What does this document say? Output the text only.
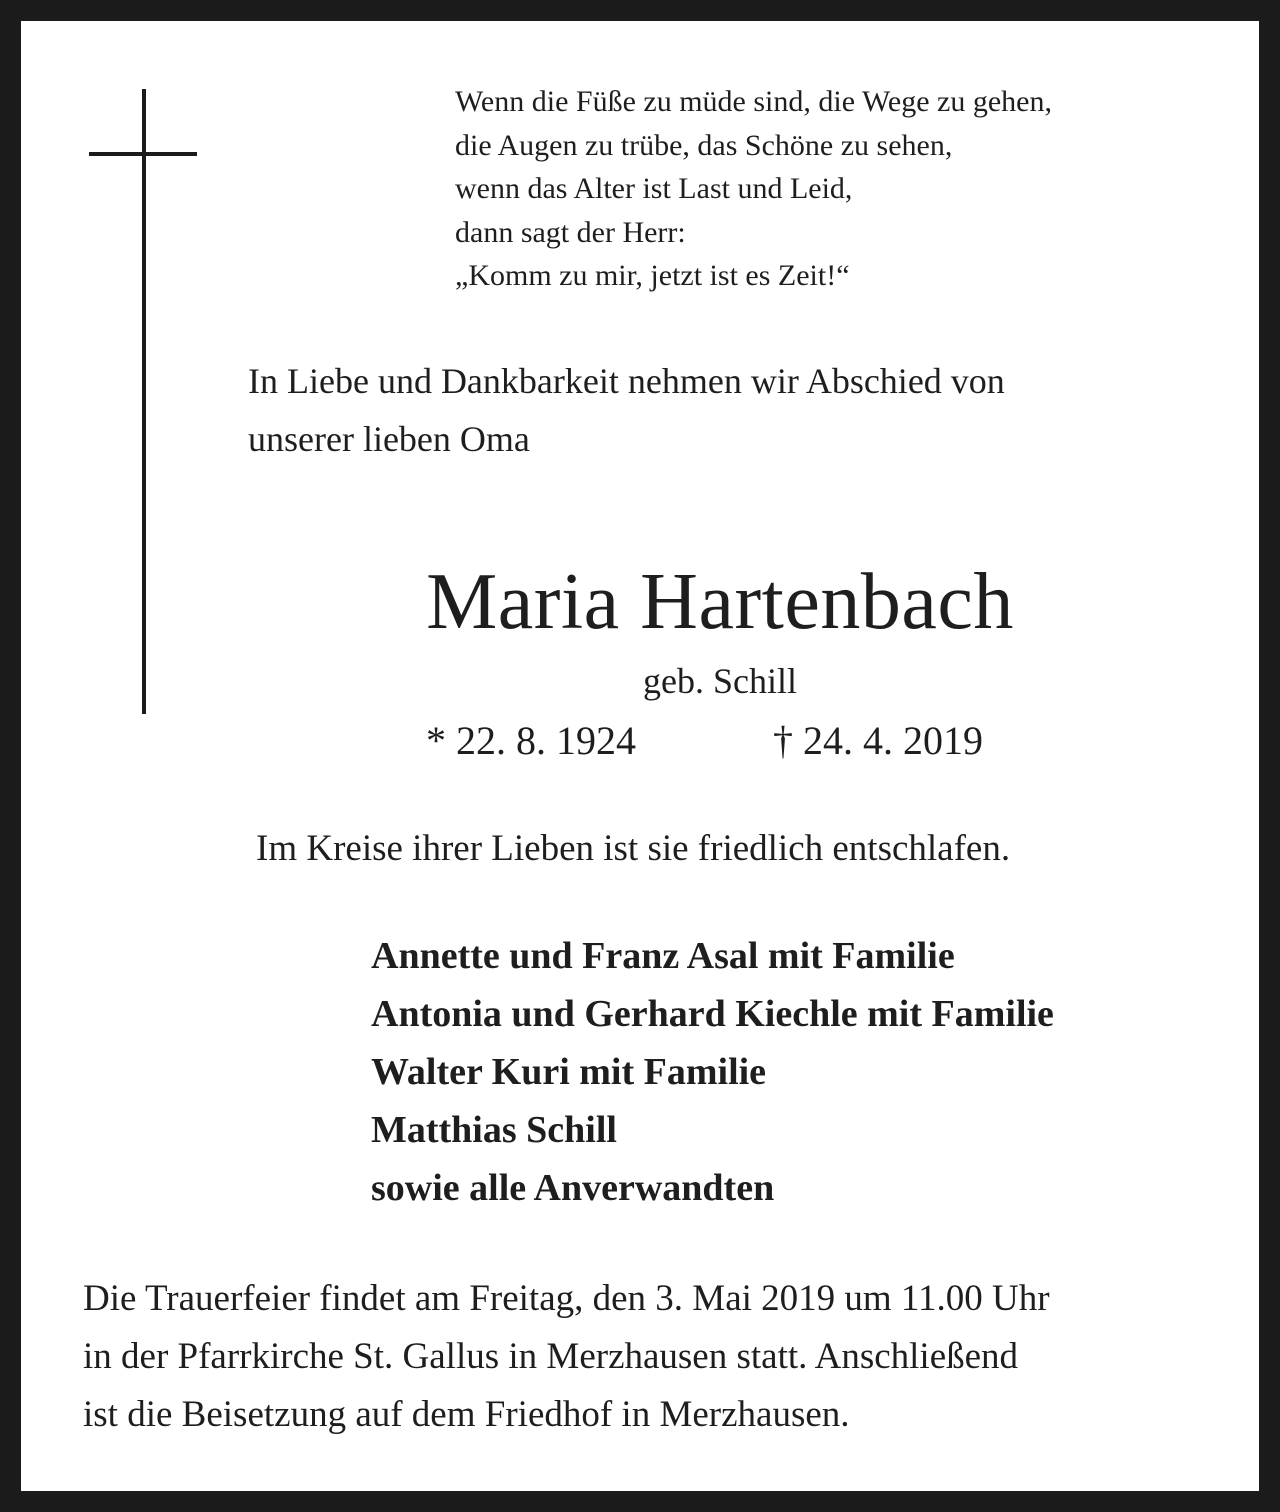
Wenn die Füße zu müde sind, die Wege zu gehen,
die Augen zu trübe, das Schöne zu sehen,
wenn das Alter ist Last und Leid,
dann sagt der Herr:
„Komm zu mir, jetzt ist es Zeit!“
In Liebe und Dankbarkeit nehmen wir Abschied von
unserer lieben Oma
Maria Hartenbach
geb. Schill
* 22. 8. 1924	† 24. 4. 2019
Im Kreise ihrer Lieben ist sie friedlich entschlafen.
Annette und Franz Asal mit Familie
Antonia und Gerhard Kiechle mit Familie
Walter Kuri mit Familie
Matthias Schill
sowie alle Anverwandten
Die Trauerfeier findet am Freitag, den 3. Mai 2019 um 11.00 Uhr
in der Pfarrkirche St. Gallus in Merzhausen statt. Anschließend
ist die Beisetzung auf dem Friedhof in Merzhausen.
